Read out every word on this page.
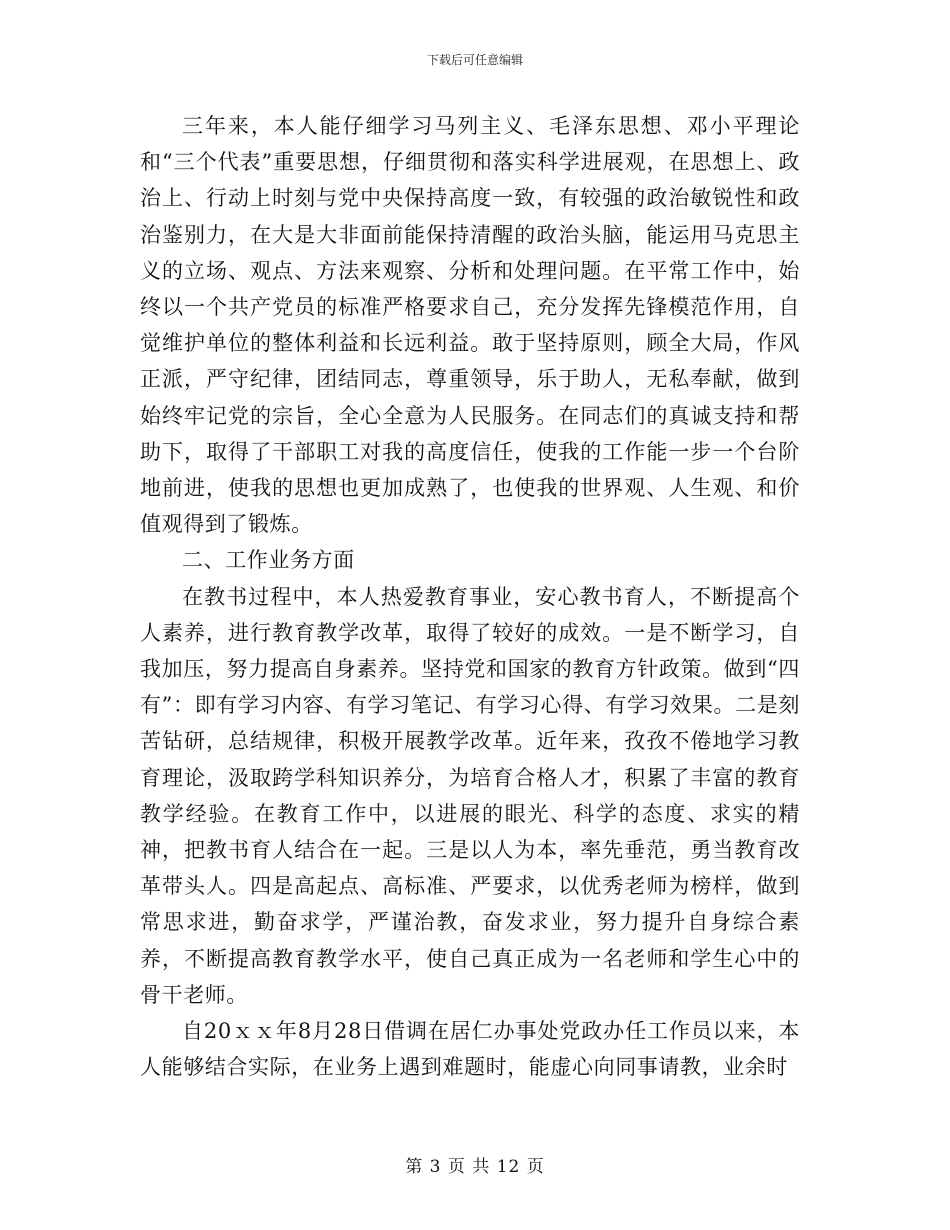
下载后可任意编辑

三年来，本人能仔细学习马列主义、毛泽东思想、邓小平理论和“三个代表”重要思想，仔细贯彻和落实科学进展观，在思想上、政治上、行动上时刻与党中央保持高度一致，有较强的政治敏锐性和政治鉴别力，在大是大非面前能保持清醒的政治头脑，能运用马克思主义的立场、观点、方法来观察、分析和处理问题。在平常工作中，始终以一个共产党员的标准严格要求自己，充分发挥先锋模范作用，自觉维护单位的整体利益和长远利益。敢于坚持原则，顾全大局，作风正派，严守纪律，团结同志，尊重领导，乐于助人，无私奉献，做到始终牢记党的宗旨，全心全意为人民服务。在同志们的真诚支持和帮助下，取得了干部职工对我的高度信任，使我的工作能一步一个台阶地前进，使我的思想也更加成熟了，也使我的世界观、人生观、和价值观得到了锻炼。

二、工作业务方面

在教书过程中，本人热爱教育事业，安心教书育人，不断提高个人素养，进行教育教学改革，取得了较好的成效。一是不断学习，自我加压，努力提高自身素养。坚持党和国家的教育方针政策。做到“四有”：即有学习内容、有学习笔记、有学习心得、有学习效果。二是刻苦钻研，总结规律，积极开展教学改革。近年来，孜孜不倦地学习教育理论，汲取跨学科知识养分，为培育合格人才，积累了丰富的教育教学经验。在教育工作中，以进展的眼光、科学的态度、求实的精神，把教书育人结合在一起。三是以人为本，率先垂范，勇当教育改革带头人。四是高起点、高标准、严要求，以优秀老师为榜样，做到常思求进，勤奋求学，严谨治教，奋发求业，努力提升自身综合素养，不断提高教育教学水平，使自己真正成为一名老师和学生心中的骨干老师。

自20ｘｘ年8月28日借调在居仁办事处党政办任工作员以来，本人能够结合实际，在业务上遇到难题时，能虚心向同事请教，业余时

第 3 页 共 12 页
